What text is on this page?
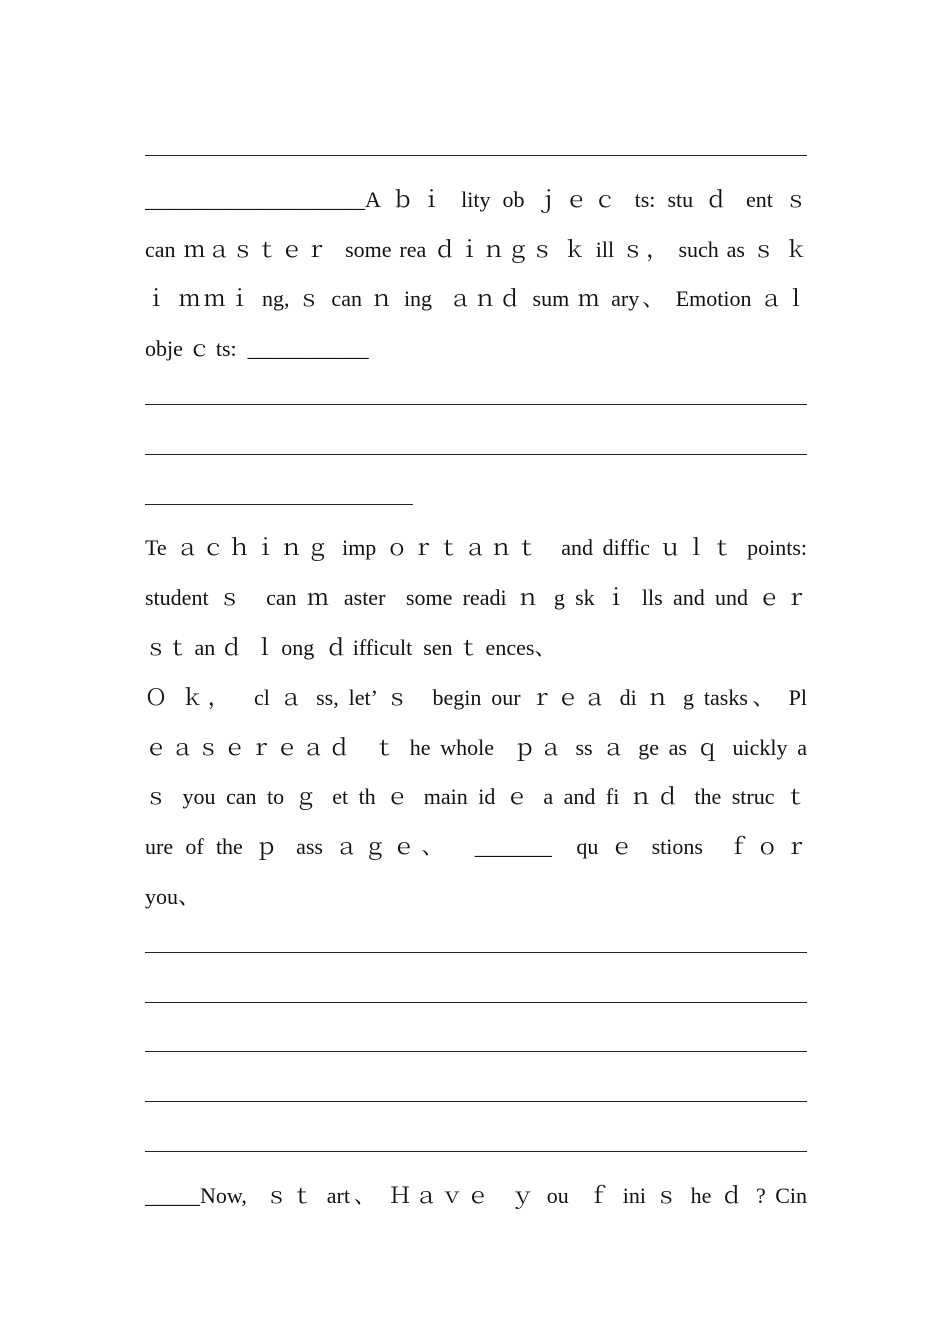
____________________A ｂｉ lity ob ｊｅｃ ts: stu ｄ ent ｓ
can ｍａｓｔｅｒ  some rea ｄｉｎｇｓ ｋ ill ｓ， such as ｓ ｋ
ｉ ｍｍｉ ng, ｓ can ｎ ing  ａｎｄ sum ｍ ary、 Emotion ａｌ
obje ｃ ts:  ___________
Te ａｃｈｉｎｇ imp ｏｒｔａｎｔ  and diffic ｕｌｔ points:
student ｓ  can ｍ aster  some readi ｎ g sk ｉ lls and und ｅｒ
ｓｔ an ｄ  ｌ ong  ｄ ifficult  sen ｔ ences、
Ｏ ｋ，  cl ａ ss, let’ ｓ  begin our ｒｅａ di ｎ g tasks、 Pl
ｅａｓｅｒｅａｄ  ｔ he whole  ｐａ ss ａ ge as ｑ uickly a
ｓ you can to ｇ et th ｅ main id ｅ a and fi ｎｄ the struc ｔ
ure of the ｐ ass ａｇｅ、  _______  qu ｅ stions  ｆｏｒ
you、
_____Now,  ｓｔ art、 Ｈａｖｅ  ｙ ou  ｆ ini ｓ he ｄ ? Cin
